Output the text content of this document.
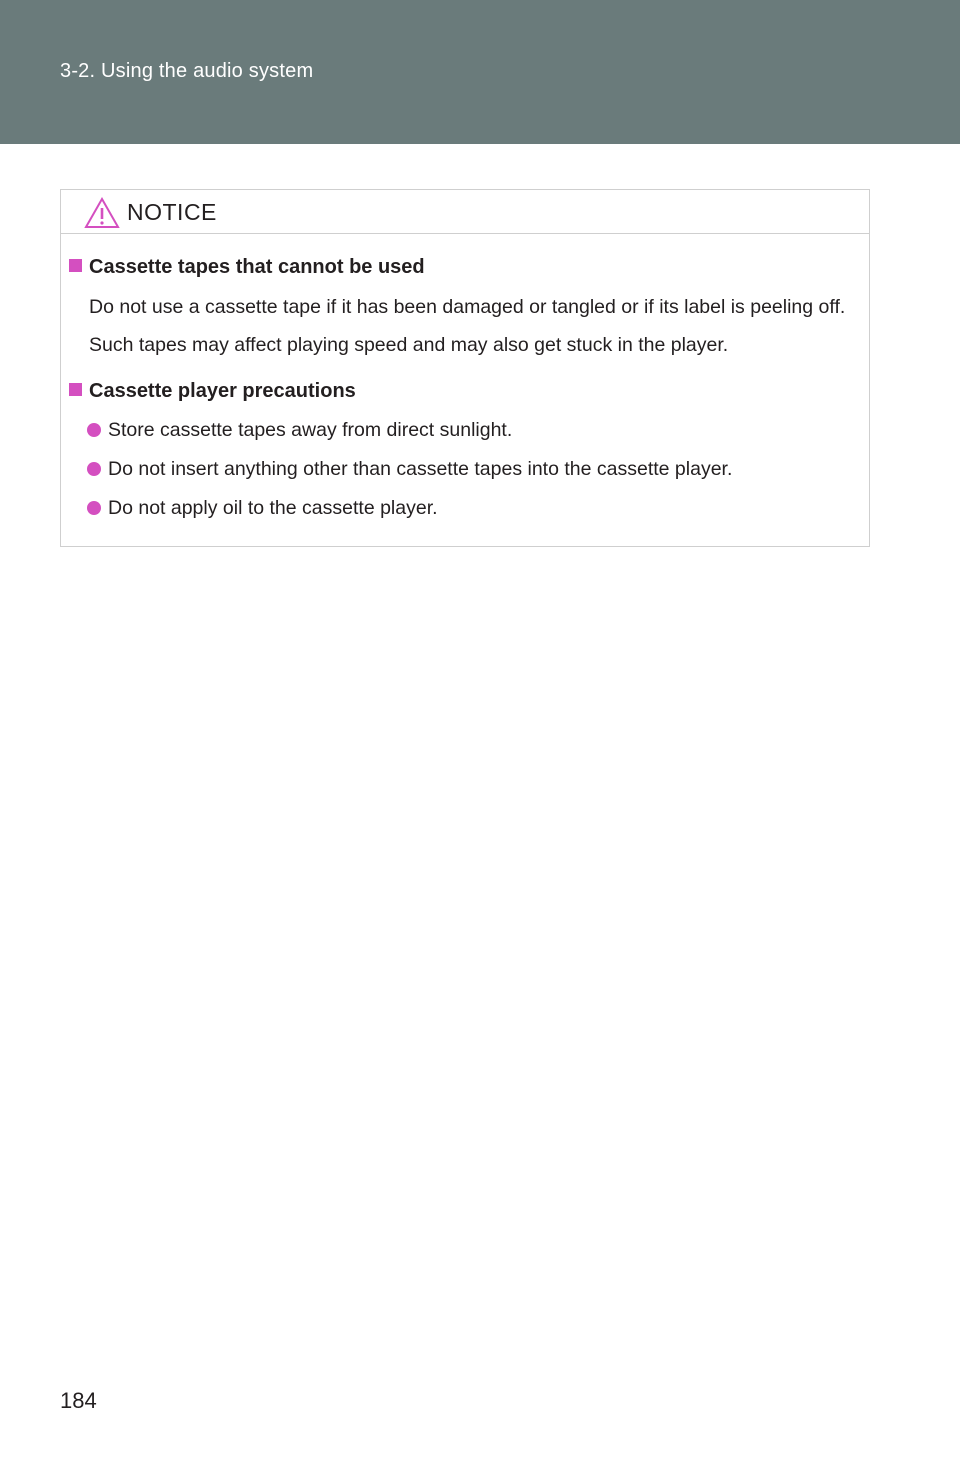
3-2. Using the audio system
NOTICE
Cassette tapes that cannot be used
Do not use a cassette tape if it has been damaged or tangled or if its label is peeling off. Such tapes may affect playing speed and may also get stuck in the player.
Cassette player precautions
Store cassette tapes away from direct sunlight.
Do not insert anything other than cassette tapes into the cassette player.
Do not apply oil to the cassette player.
184
